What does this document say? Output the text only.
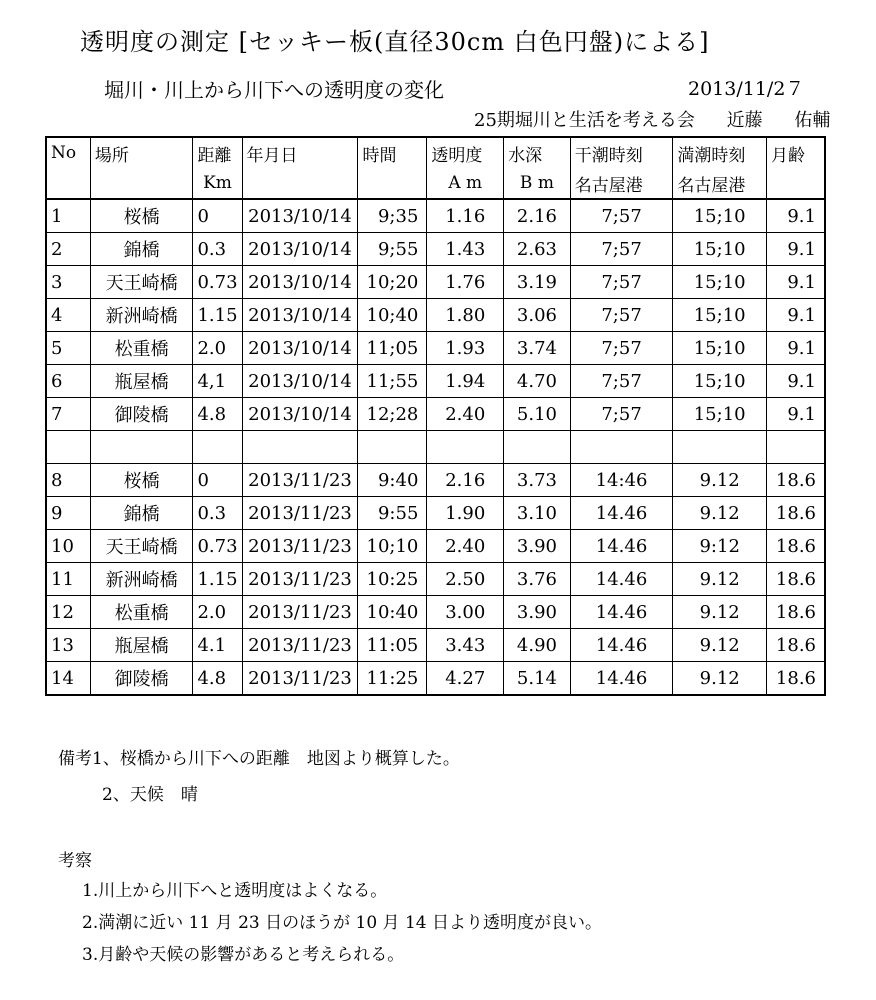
透明度の測定 [セッキー板(直径30cm 白色円盤)による]
堀川・川上から川下への透明度の変化	2013/11/2７
25期堀川と生活を考える会 近藤 佑輔
No	場所	距離	年月日	時間	透明度	水深	干潮時刻	満潮時刻	月齢
		Km			A m	B m	名古屋港	名古屋港	
1	桜橋	0	2013/10/14	9;35	1.16	2.16	7;57	15;10	9.1
2	錦橋	0.3	2013/10/14	9;55	1.43	2.63	7;57	15;10	9.1
3	天王崎橋	0.73	2013/10/14	10;20	1.76	3.19	7;57	15;10	9.1
4	新洲崎橋	1.15	2013/10/14	10;40	1.80	3.06	7;57	15;10	9.1
5	松重橋	2.0	2013/10/14	11;05	1.93	3.74	7;57	15;10	9.1
6	瓶屋橋	4,1	2013/10/14	11;55	1.94	4.70	7;57	15;10	9.1
7	御陵橋	4.8	2013/10/14	12;28	2.40	5.10	7;57	15;10	9.1

8	桜橋	0	2013/11/23	9:40	2.16	3.73	14:46	9.12	18.6
9	錦橋	0.3	2013/11/23	9:55	1.90	3.10	14.46	9.12	18.6
10	天王崎橋	0.73	2013/11/23	10;10	2.40	3.90	14.46	9:12	18.6
11	新洲崎橋	1.15	2013/11/23	10:25	2.50	3.76	14.46	9.12	18.6
12	松重橋	2.0	2013/11/23	10:40	3.00	3.90	14.46	9.12	18.6
13	瓶屋橋	4.1	2013/11/23	11:05	3.43	4.90	14.46	9.12	18.6
14	御陵橋	4.8	2013/11/23	11:25	4.27	5.14	14.46	9.12	18.6
備考1、桜橋から川下への距離　地図より概算した。
2、天候　晴
考察
1.川上から川下へと透明度はよくなる。
2.満潮に近い 11 月 23 日のほうが 10 月 14 日より透明度が良い。
3.月齢や天候の影響があると考えられる。
